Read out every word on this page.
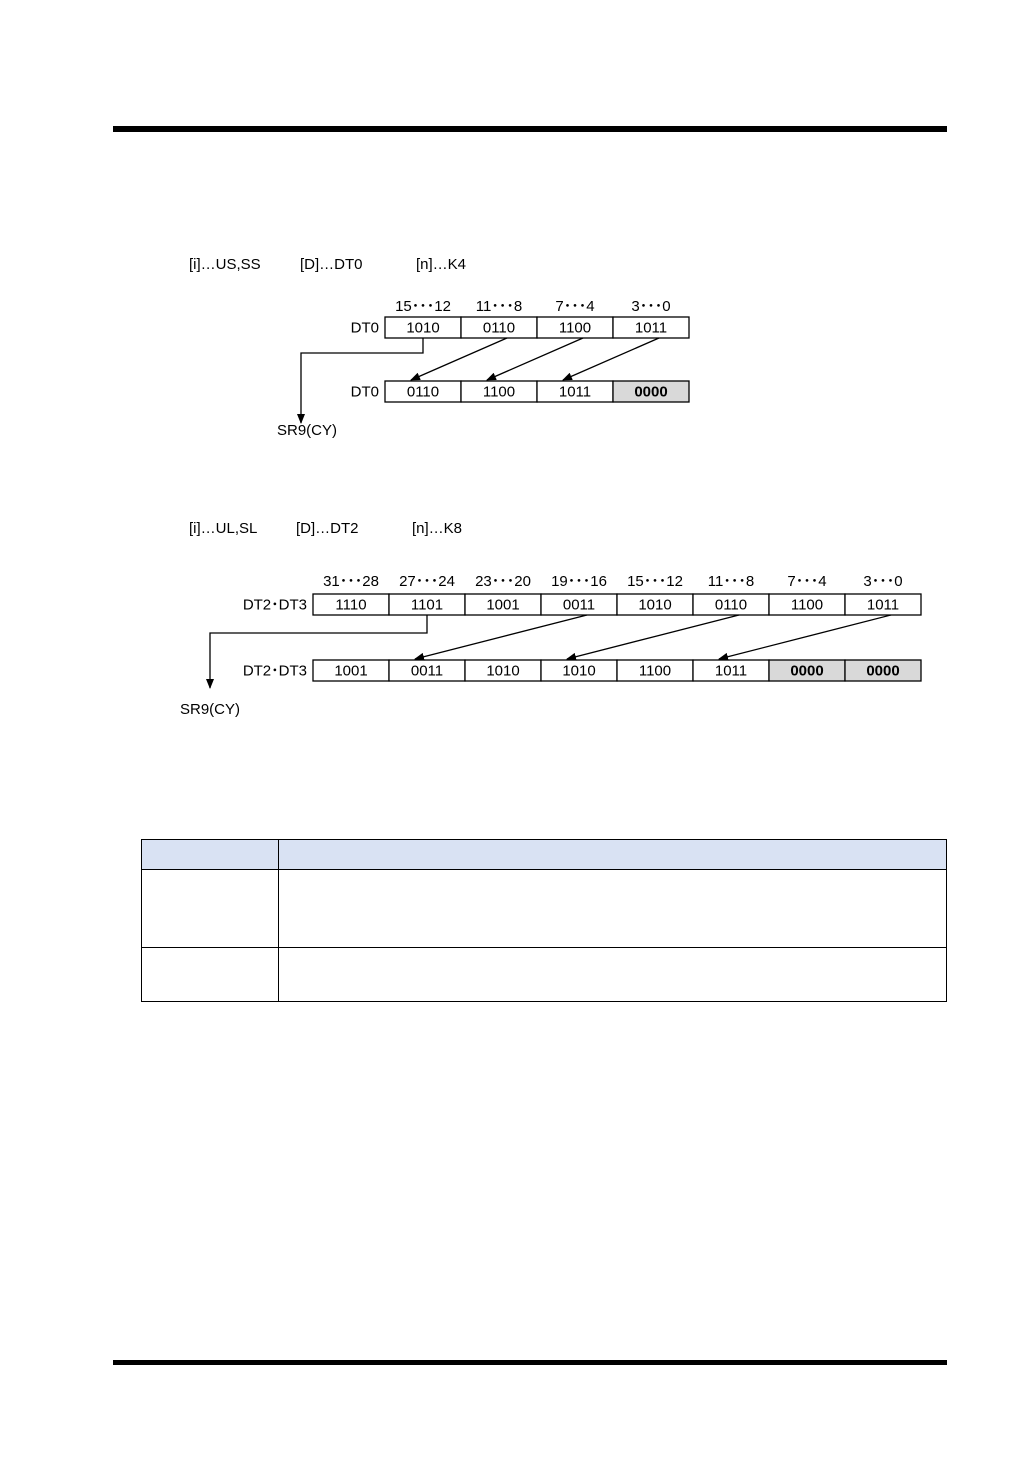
[i]…US,SS	[D]…DT0	[n]…K4
15･･･12 11･･･8 7･･･4 3･･･0
DT0
DT0
1010	0110	1100	1011
0110	1100	1011	0000
SR9(CY)
[i]…UL,SL	[D]…DT2	[n]…K8
31･･･28 27･･･24 23･･･20 19･･･16 15･･･12 11･･･8 7･･･4 3･･･0
DT2･DT3
DT2･DT3
1110	1101	1001	0011	1010	0110	1100	1011
1001	0011	1010	1010	1100	1011	0000	0000
SR9(CY)
